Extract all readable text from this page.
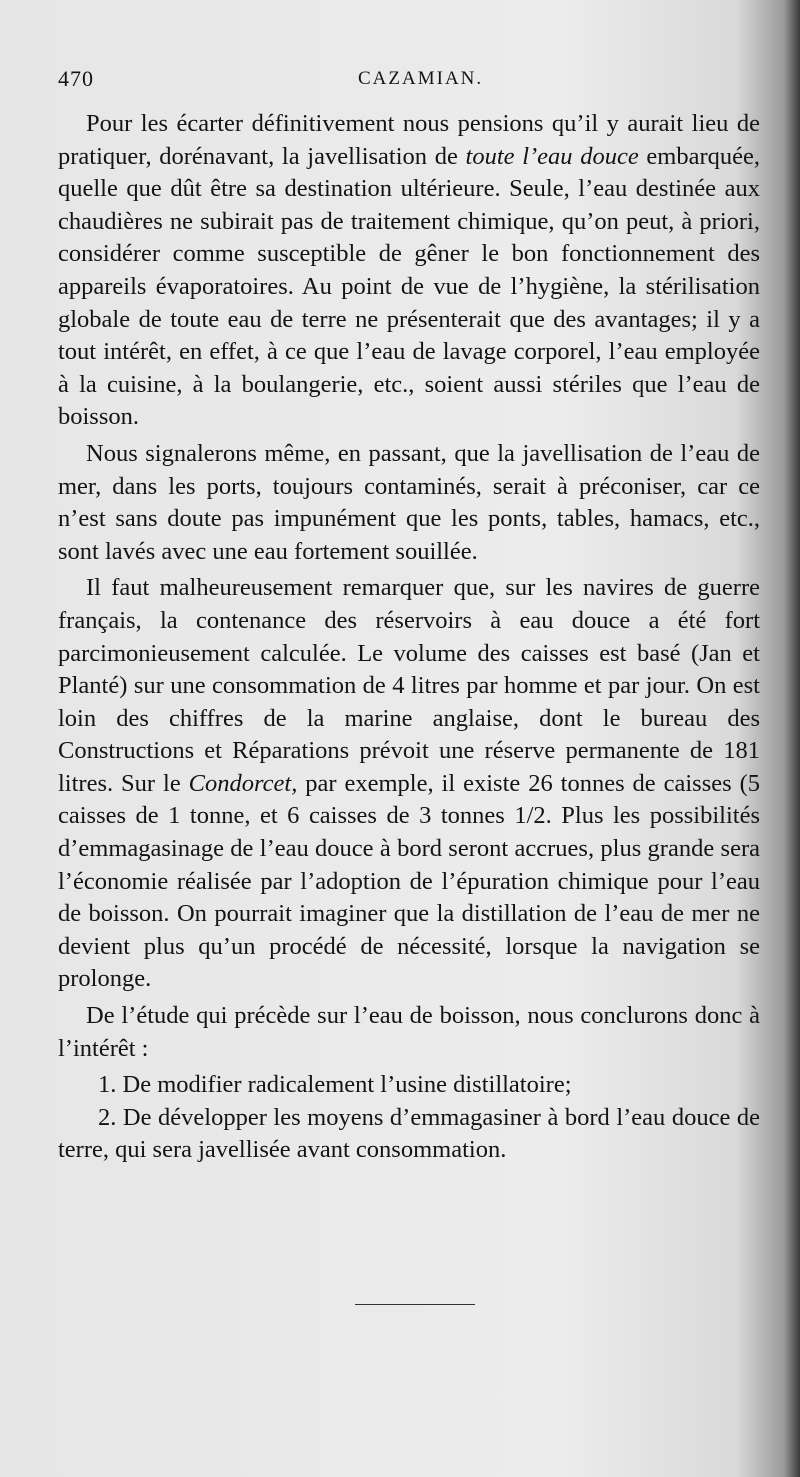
470	CAZAMIAN.

Pour les écarter définitivement nous pensions qu’il y aurait lieu de pratiquer, dorénavant, la javellisation de toute l’eau douce embarquée, quelle que dût être sa destination ultérieure. Seule, l’eau destinée aux chaudières ne subirait pas de traitement chimique, qu’on peut, à priori, considérer comme susceptible de gêner le bon fonctionnement des appareils évaporatoires. Au point de vue de l’hygiène, la stérilisation globale de toute eau de terre ne présenterait que des avantages; il y a tout intérêt, en effet, à ce que l’eau de lavage corporel, l’eau employée à la cuisine, à la boulangerie, etc., soient aussi stériles que l’eau de boisson.

Nous signalerons même, en passant, que la javellisation de l’eau de mer, dans les ports, toujours contaminés, serait à préconiser, car ce n’est sans doute pas impunément que les ponts, tables, hamacs, etc., sont lavés avec une eau fortement souillée.

Il faut malheureusement remarquer que, sur les navires de guerre français, la contenance des réservoirs à eau douce a été fort parcimonieusement calculée. Le volume des caisses est basé (Jan et Planté) sur une consommation de 4 litres par homme et par jour. On est loin des chiffres de la marine anglaise, dont le bureau des Constructions et Réparations prévoit une réserve permanente de 181 litres. Sur le Condorcet, par exemple, il existe 26 tonnes de caisses (5 caisses de 1 tonne, et 6 caisses de 3 tonnes 1/2. Plus les possibilités d’emmagasinage de l’eau douce à bord seront accrues, plus grande sera l’économie réalisée par l’adoption de l’épuration chimique pour l’eau de boisson. On pourrait imaginer que la distillation de l’eau de mer ne devient plus qu’un procédé de nécessité, lorsque la navigation se prolonge.

De l’étude qui précède sur l’eau de boisson, nous conclurons donc à l’intérêt :

1. De modifier radicalement l’usine distillatoire;

2. De développer les moyens d’emmagasiner à bord l’eau douce de terre, qui sera javellisée avant consommation.
